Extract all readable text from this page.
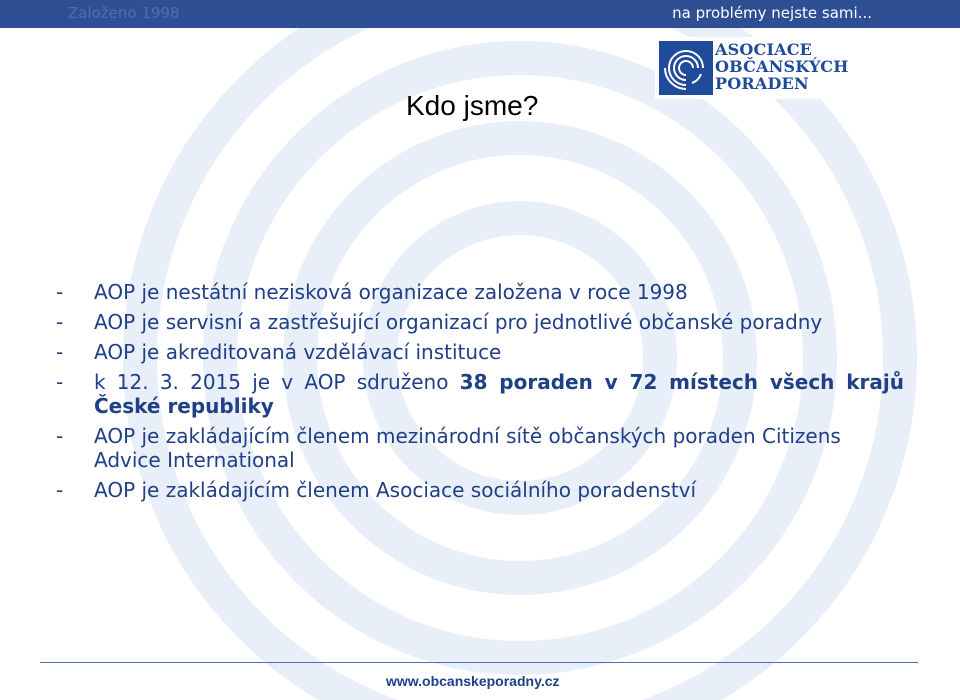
Založeno 1998	na problémy nejste sami...
ASOCIACE
OBČANSKÝCH
PORADEN
Kdo jsme?
-	AOP je nestátní nezisková organizace založena v roce 1998
-	AOP je servisní a zastřešující organizací pro jednotlivé občanské poradny
-	AOP je akreditovaná vzdělávací instituce
-	k 12. 3. 2015 je v AOP sdruženo 38 poraden v 72 místech všech krajů České republiky
-	AOP je zakládajícím členem mezinárodní sítě občanských poraden Citizens Advice International
-	AOP je zakládajícím členem Asociace sociálního poradenství
www.obcanskeporadny.cz
